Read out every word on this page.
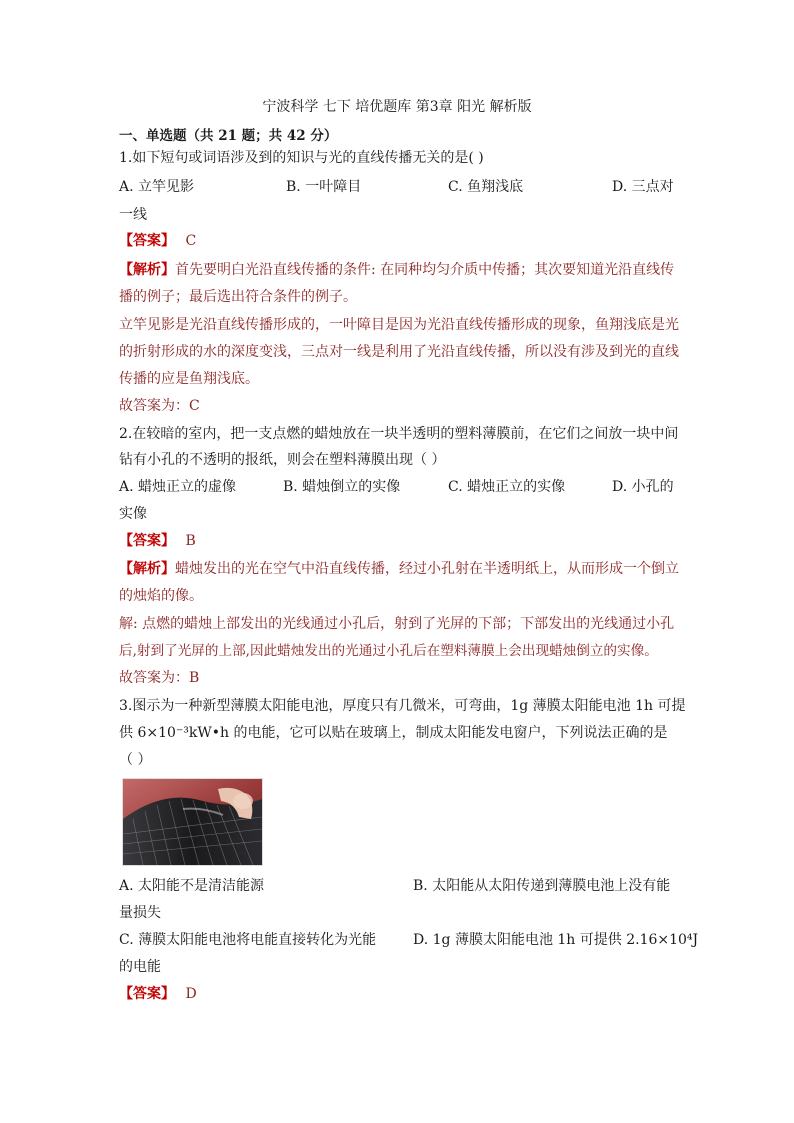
宁波科学 七下 培优题库 第3章 阳光 解析版
一、单选题（共 21 题；共 42 分）
1.如下短句或词语涉及到的知识与光的直线传播无关的是( )
A. 立竿见影	B. 一叶障目	C. 鱼翔浅底	D. 三点对
一线
【答案】 C
【解析】首先要明白光沿直线传播的条件: 在同种均匀介质中传播；其次要知道光沿直线传
播的例子；最后选出符合条件的例子。
立竿见影是光沿直线传播形成的，一叶障目是因为光沿直线传播形成的现象，鱼翔浅底是光
的折射形成的水的深度变浅，三点对一线是利用了光沿直线传播，所以没有涉及到光的直线
传播的应是鱼翔浅底。
故答案为：C
2.在较暗的室内，把一支点燃的蜡烛放在一块半透明的塑料薄膜前，在它们之间放一块中间
钻有小孔的不透明的报纸，则会在塑料薄膜出现（ ）
A. 蜡烛正立的虚像	B. 蜡烛倒立的实像	C. 蜡烛正立的实像	D. 小孔的
实像
【答案】 B
【解析】蜡烛发出的光在空气中沿直线传播，经过小孔射在半透明纸上，从而形成一个倒立
的烛焰的像。
解: 点燃的蜡烛上部发出的光线通过小孔后，射到了光屏的下部；下部发出的光线通过小孔
后,射到了光屏的上部,因此蜡烛发出的光通过小孔后在塑料薄膜上会出现蜡烛倒立的实像。
故答案为：B
3.图示为一种新型薄膜太阳能电池，厚度只有几微米，可弯曲，1g 薄膜太阳能电池 1h 可提
供 6×10⁻³kW•h 的电能，它可以贴在玻璃上，制成太阳能发电窗户，下列说法正确的是
（ ）
A. 太阳能不是清洁能源	B. 太阳能从太阳传递到薄膜电池上没有能
量损失
C. 薄膜太阳能电池将电能直接转化为光能	D. 1g 薄膜太阳能电池 1h 可提供 2.16×10⁴J
的电能
【答案】 D
